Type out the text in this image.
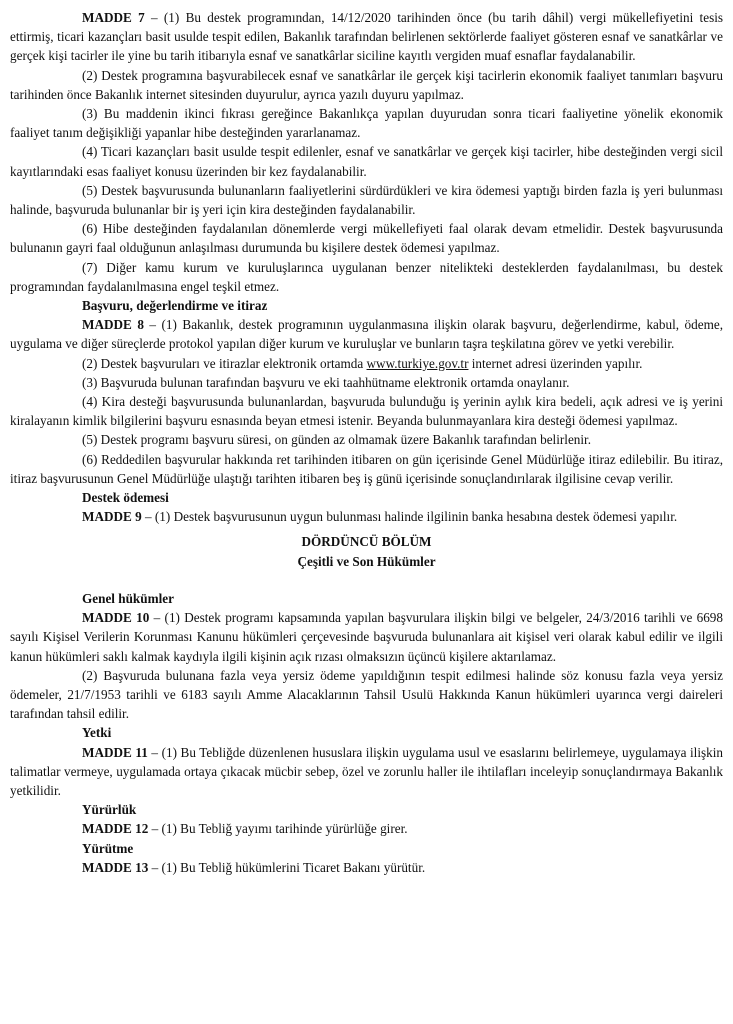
MADDE 7 – (1) Bu destek programından, 14/12/2020 tarihinden önce (bu tarih dâhil) vergi mükellefiyetini tesis ettirmiş, ticari kazançları basit usulde tespit edilen, Bakanlık tarafından belirlenen sektörlerde faaliyet gösteren esnaf ve sanatkârlar ve gerçek kişi tacirler ile yine bu tarih itibarıyla esnaf ve sanatkârlar siciline kayıtlı vergiden muaf esnaflar faydalanabilir.

(2) Destek programına başvurabilecek esnaf ve sanatkârlar ile gerçek kişi tacirlerin ekonomik faaliyet tanımları başvuru tarihinden önce Bakanlık internet sitesinden duyurulur, ayrıca yazılı duyuru yapılmaz.

(3) Bu maddenin ikinci fıkrası gereğince Bakanlıkça yapılan duyurudan sonra ticari faaliyetine yönelik ekonomik faaliyet tanım değişikliği yapanlar hibe desteğinden yararlanamaz.

(4) Ticari kazançları basit usulde tespit edilenler, esnaf ve sanatkârlar ve gerçek kişi tacirler, hibe desteğinden vergi sicil kayıtlarındaki esas faaliyet konusu üzerinden bir kez faydalanabilir.

(5) Destek başvurusunda bulunanların faaliyetlerini sürdürdükleri ve kira ödemesi yaptığı birden fazla iş yeri bulunması halinde, başvuruda bulunanlar bir iş yeri için kira desteğinden faydalanabilir.

(6) Hibe desteğinden faydalanılan dönemlerde vergi mükellefiyeti faal olarak devam etmelidir. Destek başvurusunda bulunanın gayri faal olduğunun anlaşılması durumunda bu kişilere destek ödemesi yapılmaz.

(7) Diğer kamu kurum ve kuruluşlarınca uygulanan benzer nitelikteki desteklerden faydalanılması, bu destek programından faydalanılmasına engel teşkil etmez.

Başvuru, değerlendirme ve itiraz

MADDE 8 – (1) Bakanlık, destek programının uygulanmasına ilişkin olarak başvuru, değerlendirme, kabul, ödeme, uygulama ve diğer süreçlerde protokol yapılan diğer kurum ve kuruluşlar ve bunların taşra teşkilatına görev ve yetki verebilir.

(2) Destek başvuruları ve itirazlar elektronik ortamda www.turkiye.gov.tr internet adresi üzerinden yapılır.

(3) Başvuruda bulunan tarafından başvuru ve eki taahhütname elektronik ortamda onaylanır.

(4) Kira desteği başvurusunda bulunanlardan, başvuruda bulunduğu iş yerinin aylık kira bedeli, açık adresi ve iş yerini kiralayanın kimlik bilgilerini başvuru esnasında beyan etmesi istenir. Beyanda bulunmayanlara kira desteği ödemesi yapılmaz.

(5) Destek programı başvuru süresi, on günden az olmamak üzere Bakanlık tarafından belirlenir.

(6) Reddedilen başvurular hakkında ret tarihinden itibaren on gün içerisinde Genel Müdürlüğe itiraz edilebilir. Bu itiraz, itiraz başvurusunun Genel Müdürlüğe ulaştığı tarihten itibaren beş iş günü içerisinde sonuçlandırılarak ilgilisine cevap verilir.

Destek ödemesi

MADDE 9 – (1) Destek başvurusunun uygun bulunması halinde ilgilinin banka hesabına destek ödemesi yapılır.

DÖRDÜNCÜ BÖLÜM

Çeşitli ve Son Hükümler

Genel hükümler

MADDE 10 – (1) Destek programı kapsamında yapılan başvurulara ilişkin bilgi ve belgeler, 24/3/2016 tarihli ve 6698 sayılı Kişisel Verilerin Korunması Kanunu hükümleri çerçevesinde başvuruda bulunanlara ait kişisel veri olarak kabul edilir ve ilgili kanun hükümleri saklı kalmak kaydıyla ilgili kişinin açık rızası olmaksızın üçüncü kişilere aktarılamaz.

(2) Başvuruda bulunana fazla veya yersiz ödeme yapıldığının tespit edilmesi halinde söz konusu fazla veya yersiz ödemeler, 21/7/1953 tarihli ve 6183 sayılı Amme Alacaklarının Tahsil Usulü Hakkında Kanun hükümleri uyarınca vergi daireleri tarafından tahsil edilir.

Yetki

MADDE 11 – (1) Bu Tebliğde düzenlenen hususlara ilişkin uygulama usul ve esaslarını belirlemeye, uygulamaya ilişkin talimatlar vermeye, uygulamada ortaya çıkacak mücbir sebep, özel ve zorunlu haller ile ihtilafları inceleyip sonuçlandırmaya Bakanlık yetkilidir.

Yürürlük

MADDE 12 – (1) Bu Tebliğ yayımı tarihinde yürürlüğe girer.

Yürütme

MADDE 13 – (1) Bu Tebliğ hükümlerini Ticaret Bakanı yürütür.
